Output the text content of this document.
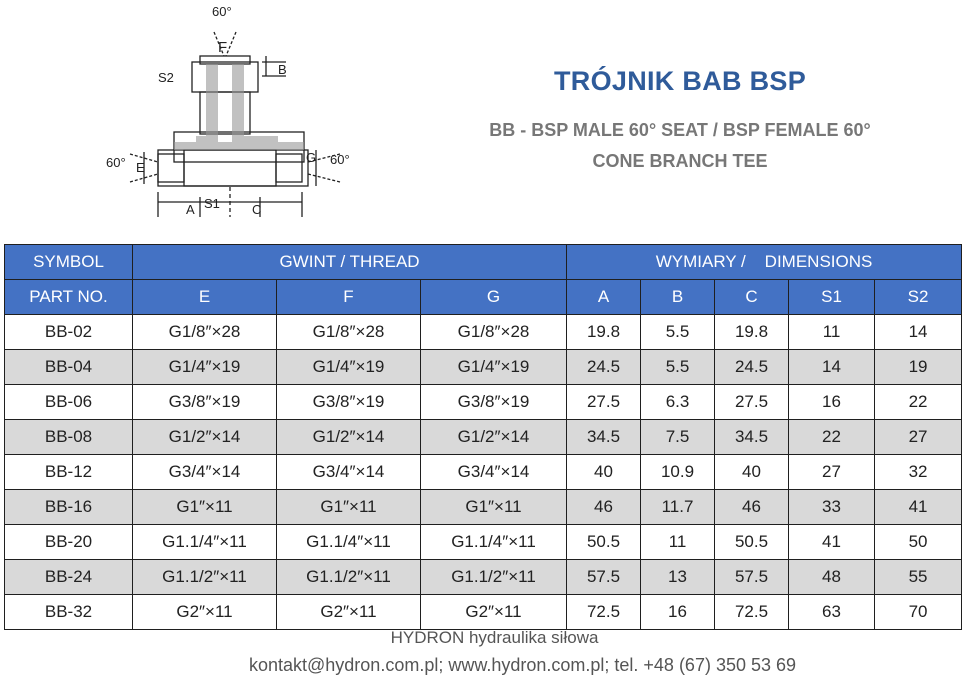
60°
F
B
S2
E
G
60°	60°
A S1 C
TRÓJNIK BAB BSP
BB - BSP MALE 60° SEAT / BSP FEMALE 60°
CONE BRANCH TEE
SYMBOL	GWINT / THREAD			WYMIARY /    DIMENSIONS				
PART NO.	E	F	G	A	B	C	S1	S2
BB-02	G1/8″×28	G1/8″×28	G1/8″×28	19.8	5.5	19.8	11	14
BB-04	G1/4″×19	G1/4″×19	G1/4″×19	24.5	5.5	24.5	14	19
BB-06	G3/8″×19	G3/8″×19	G3/8″×19	27.5	6.3	27.5	16	22
BB-08	G1/2″×14	G1/2″×14	G1/2″×14	34.5	7.5	34.5	22	27
BB-12	G3/4″×14	G3/4″×14	G3/4″×14	40	10.9	40	27	32
BB-16	G1″×11	G1″×11	G1″×11	46	11.7	46	33	41
BB-20	G1.1/4″×11	G1.1/4″×11	G1.1/4″×11	50.5	11	50.5	41	50
BB-24	G1.1/2″×11	G1.1/2″×11	G1.1/2″×11	57.5	13	57.5	48	55
BB-32	G2″×11	G2″×11	G2″×11	72.5	16	72.5	63	70
HYDRON hydraulika siłowa
kontakt@hydron.com.pl; www.hydron.com.pl; tel. +48 (67) 350 53 69
